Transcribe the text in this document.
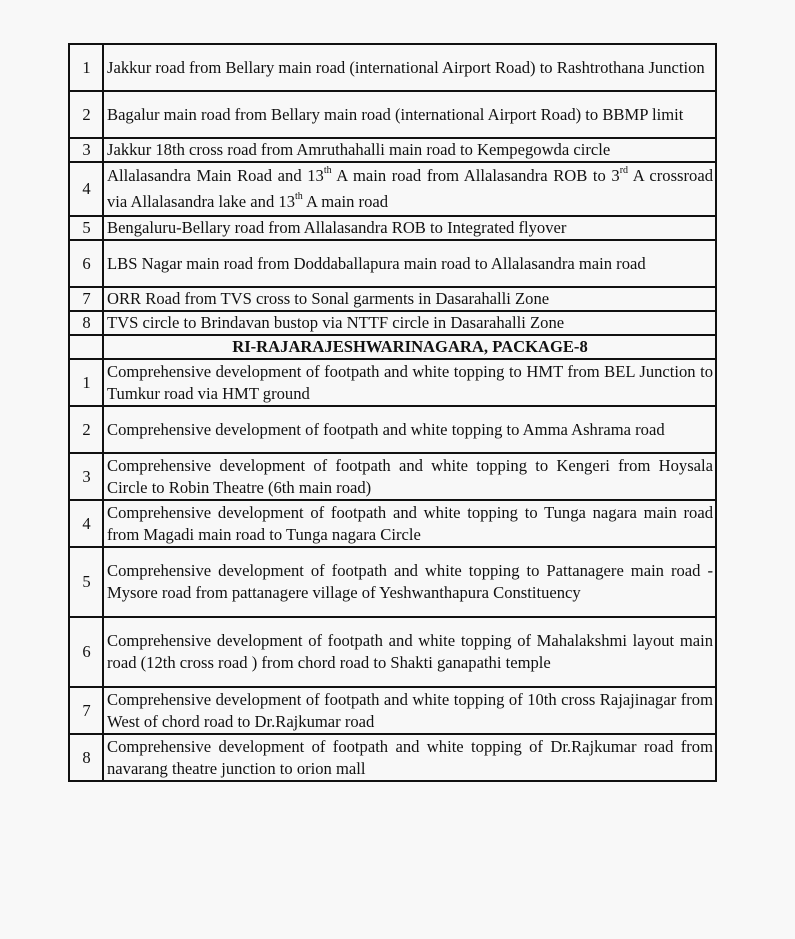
1	Jakkur road from Bellary main road (international Airport Road) to Rashtrothana Junction
2	Bagalur main road from Bellary main road (international Airport Road) to BBMP limit
3	Jakkur 18th cross road from Amruthahalli main road to Kempegowda circle
4	Allalasandra Main Road and 13th A main road from Allalasandra ROB to 3rd A crossroad via Allalasandra lake and 13th A main road
5	Bengaluru-Bellary road from Allalasandra ROB to Integrated flyover
6	LBS Nagar main road from Doddaballapura main road to Allalasandra main road
7	ORR Road from TVS cross to Sonal garments in Dasarahalli Zone
8	TVS circle to Brindavan bustop via NTTF circle in Dasarahalli Zone
	RI-RAJARAJESHWARINAGARA, PACKAGE-8
1	Comprehensive development of footpath and white topping to HMT from BEL Junction to Tumkur road via HMT ground
2	Comprehensive development of footpath and white topping to Amma Ashrama road
3	Comprehensive development of footpath and white topping to Kengeri from Hoysala Circle to Robin Theatre (6th main road)
4	Comprehensive development of footpath and white topping to Tunga nagara main road from Magadi main road to Tunga nagara Circle
5	Comprehensive development of footpath and white topping to Pattanagere main road - Mysore road from pattanagere village of Yeshwanthapura Constituency
6	Comprehensive development of footpath and white topping of Mahalakshmi layout main road (12th cross road ) from chord road to Shakti ganapathi temple
7	Comprehensive development of footpath and white topping of 10th cross Rajajinagar from West of chord road to Dr.Rajkumar road
8	Comprehensive development of footpath and white topping of Dr.Rajkumar road from navarang theatre junction to orion mall
